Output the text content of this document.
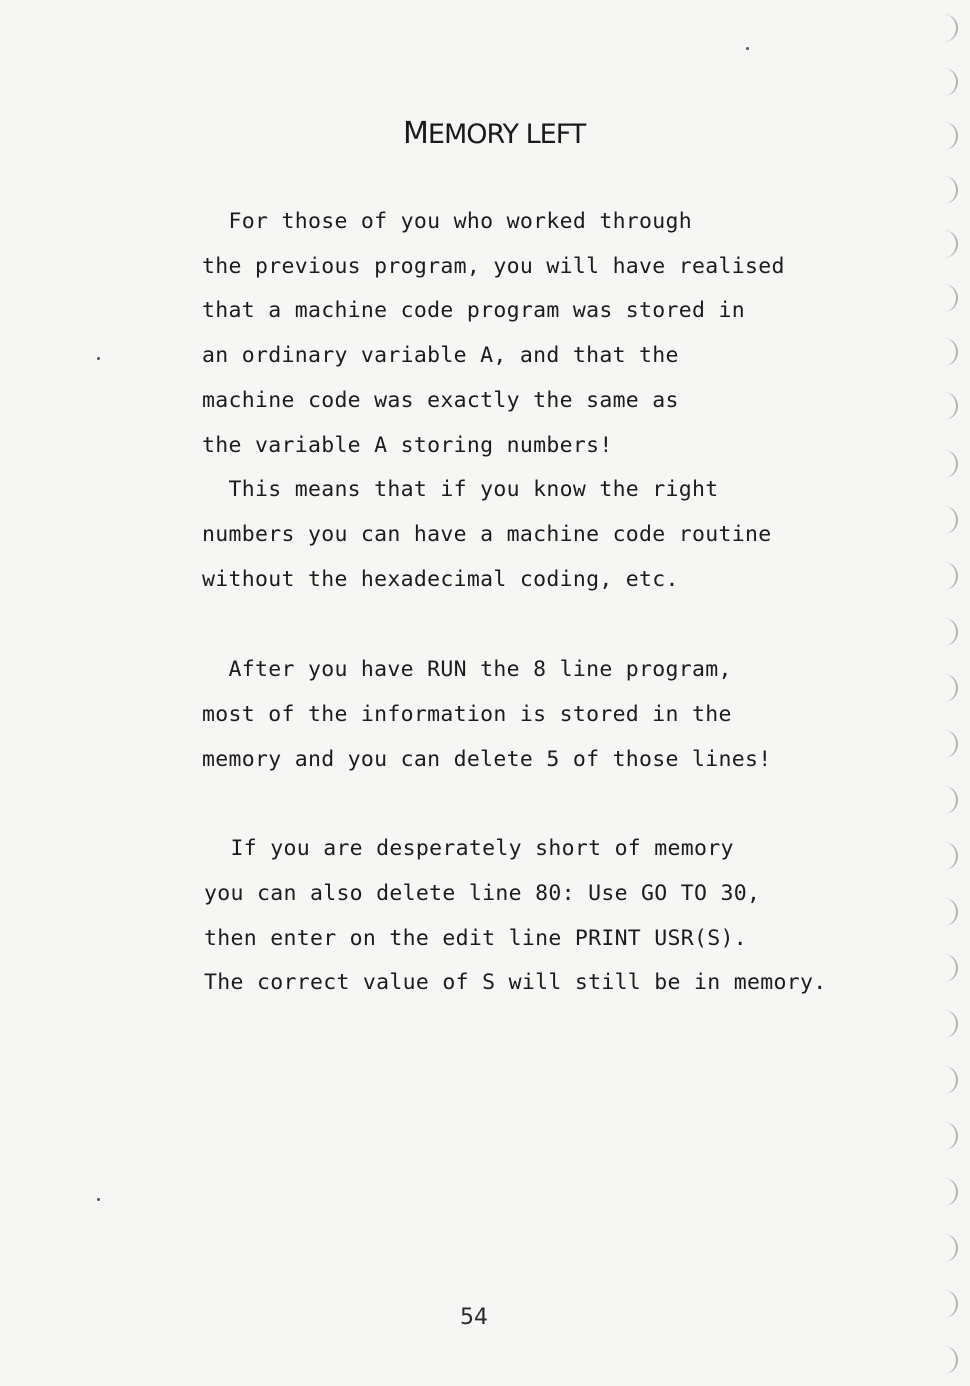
MEMORY LEFT
For those of you who worked through
the previous program, you will have realised
that a machine code program was stored in
an ordinary variable A, and that the
machine code was exactly the same as
the variable A storing numbers!
This means that if you know the right
numbers you can have a machine code routine
without the hexadecimal coding, etc.
After you have RUN the 8 line program,
most of the information is stored in the
memory and you can delete 5 of those lines!
If you are desperately short of memory
you can also delete line 80: Use GO TO 30,
then enter on the edit line PRINT USR(S).
The correct value of S will still be in memory.
54
